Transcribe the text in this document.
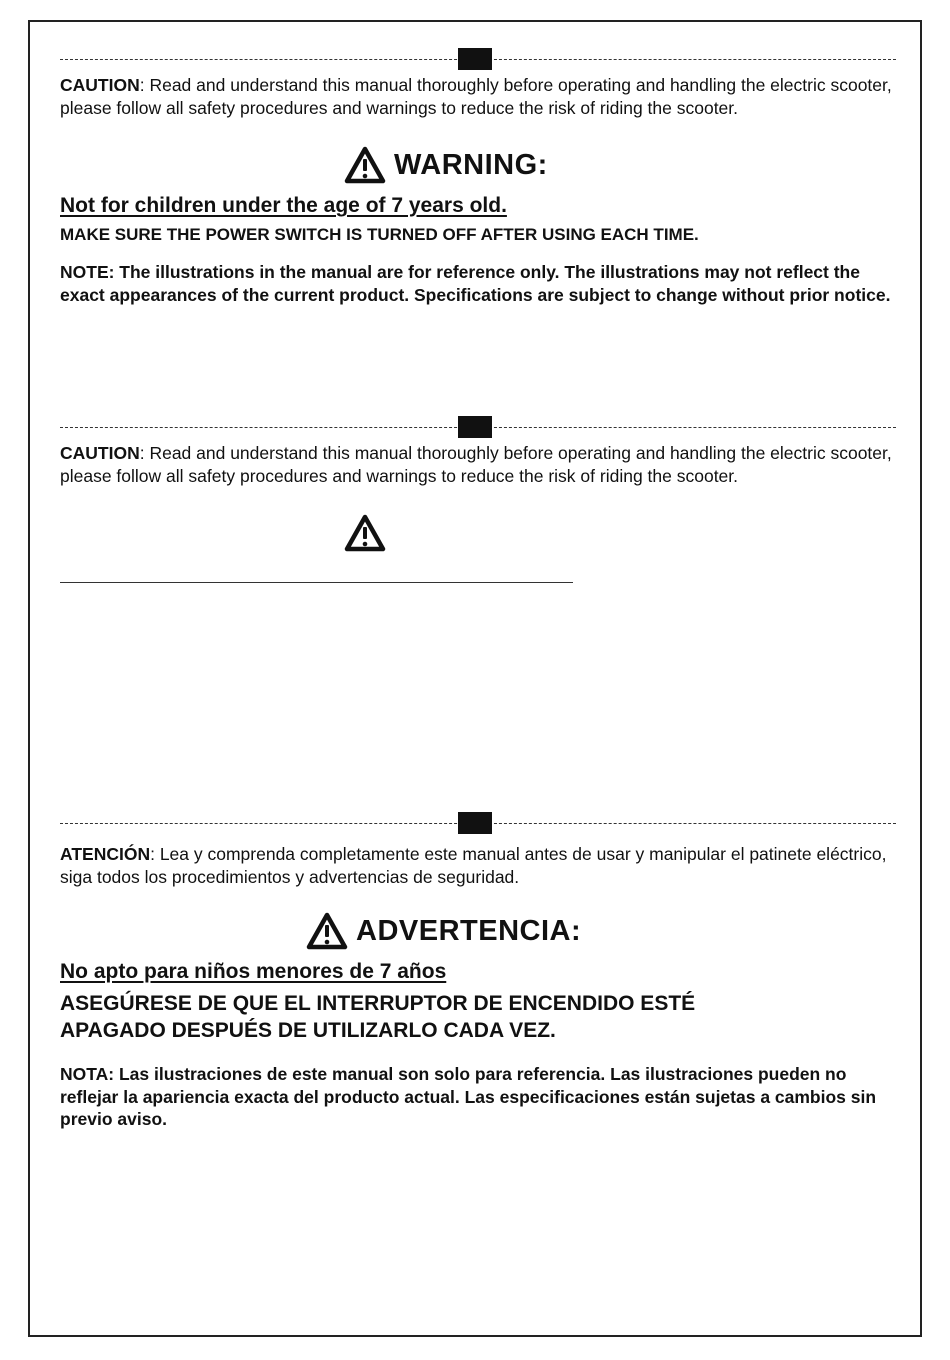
CAUTION: Read and understand this manual thoroughly before operating and handling the electric scooter, please follow all safety procedures and warnings to reduce the risk of riding the scooter.
WARNING:
Not for children under the age of 7 years old.
MAKE SURE THE POWER SWITCH IS TURNED OFF AFTER USING EACH TIME.
NOTE: The illustrations in the manual are for reference only. The illustrations may not reflect the exact appearances of the current product. Specifications are subject to change without prior notice.
CAUTION: Read and understand this manual thoroughly before operating and handling the electric scooter, please follow all safety procedures and warnings to reduce the risk of riding the scooter.
ATENCIÓN: Lea y comprenda completamente este manual antes de usar y manipular el patinete eléctrico, siga todos los procedimientos y advertencias de seguridad.
ADVERTENCIA:
No apto para niños menores de 7 años
ASEGÚRESE DE QUE EL INTERRUPTOR DE ENCENDIDO ESTÉ
APAGADO DESPUÉS DE UTILIZARLO CADA VEZ.
NOTA: Las ilustraciones de este manual son solo para referencia. Las ilustraciones pueden no reflejar la apariencia exacta del producto actual. Las especificaciones están sujetas a cambios sin previo aviso.
